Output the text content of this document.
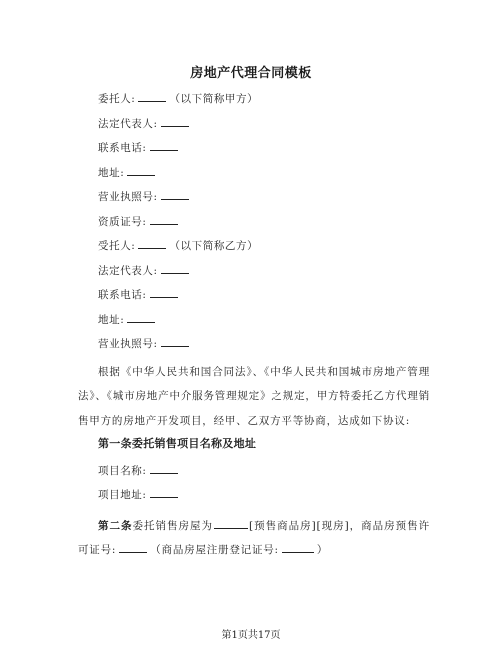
房地产代理合同模板
委托人:	（以下简称甲方）
法定代表人:
联系电话:
地址:
营业执照号:
资质证号:
受托人:	（以下简称乙方）
法定代表人:
联系电话:
地址:
营业执照号:

根据《中华人民共和国合同法》、《中华人民共和国城市房地产管理法》、《城市房地产中介服务管理规定》之规定，甲方特委托乙方代理销售甲方的房地产开发项目，经甲、乙双方平等协商，达成如下协议:

第一条委托销售项目名称及地址
项目名称:
项目地址:

第二条委托销售房屋为	[预售商品房][现房]，商品房预售许可证号:	（商品房屋注册登记证号:	）

第1页共17页
